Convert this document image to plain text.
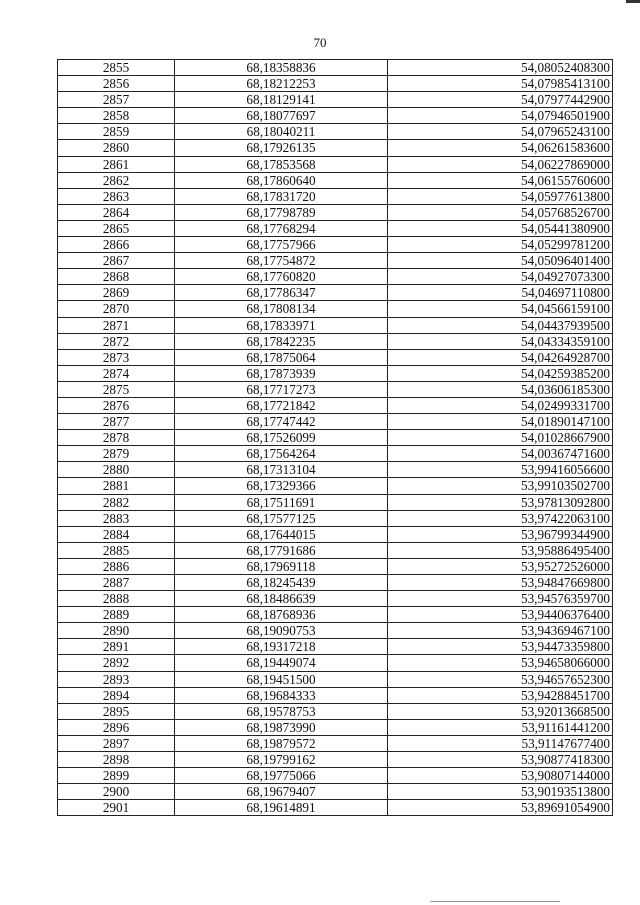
70
2855	68,18358836	54,08052408300
2856	68,18212253	54,07985413100
2857	68,18129141	54,07977442900
2858	68,18077697	54,07946501900
2859	68,18040211	54,07965243100
2860	68,17926135	54,06261583600
2861	68,17853568	54,06227869000
2862	68,17860640	54,06155760600
2863	68,17831720	54,05977613800
2864	68,17798789	54,05768526700
2865	68,17768294	54,05441380900
2866	68,17757966	54,05299781200
2867	68,17754872	54,05096401400
2868	68,17760820	54,04927073300
2869	68,17786347	54,04697110800
2870	68,17808134	54,04566159100
2871	68,17833971	54,04437939500
2872	68,17842235	54,04334359100
2873	68,17875064	54,04264928700
2874	68,17873939	54,04259385200
2875	68,17717273	54,03606185300
2876	68,17721842	54,02499331700
2877	68,17747442	54,01890147100
2878	68,17526099	54,01028667900
2879	68,17564264	54,00367471600
2880	68,17313104	53,99416056600
2881	68,17329366	53,99103502700
2882	68,17511691	53,97813092800
2883	68,17577125	53,97422063100
2884	68,17644015	53,96799344900
2885	68,17791686	53,95886495400
2886	68,17969118	53,95272526000
2887	68,18245439	53,94847669800
2888	68,18486639	53,94576359700
2889	68,18768936	53,94406376400
2890	68,19090753	53,94369467100
2891	68,19317218	53,94473359800
2892	68,19449074	53,94658066000
2893	68,19451500	53,94657652300
2894	68,19684333	53,94288451700
2895	68,19578753	53,92013668500
2896	68,19873990	53,91161441200
2897	68,19879572	53,91147677400
2898	68,19799162	53,90877418300
2899	68,19775066	53,90807144000
2900	68,19679407	53,90193513800
2901	68,19614891	53,89691054900
